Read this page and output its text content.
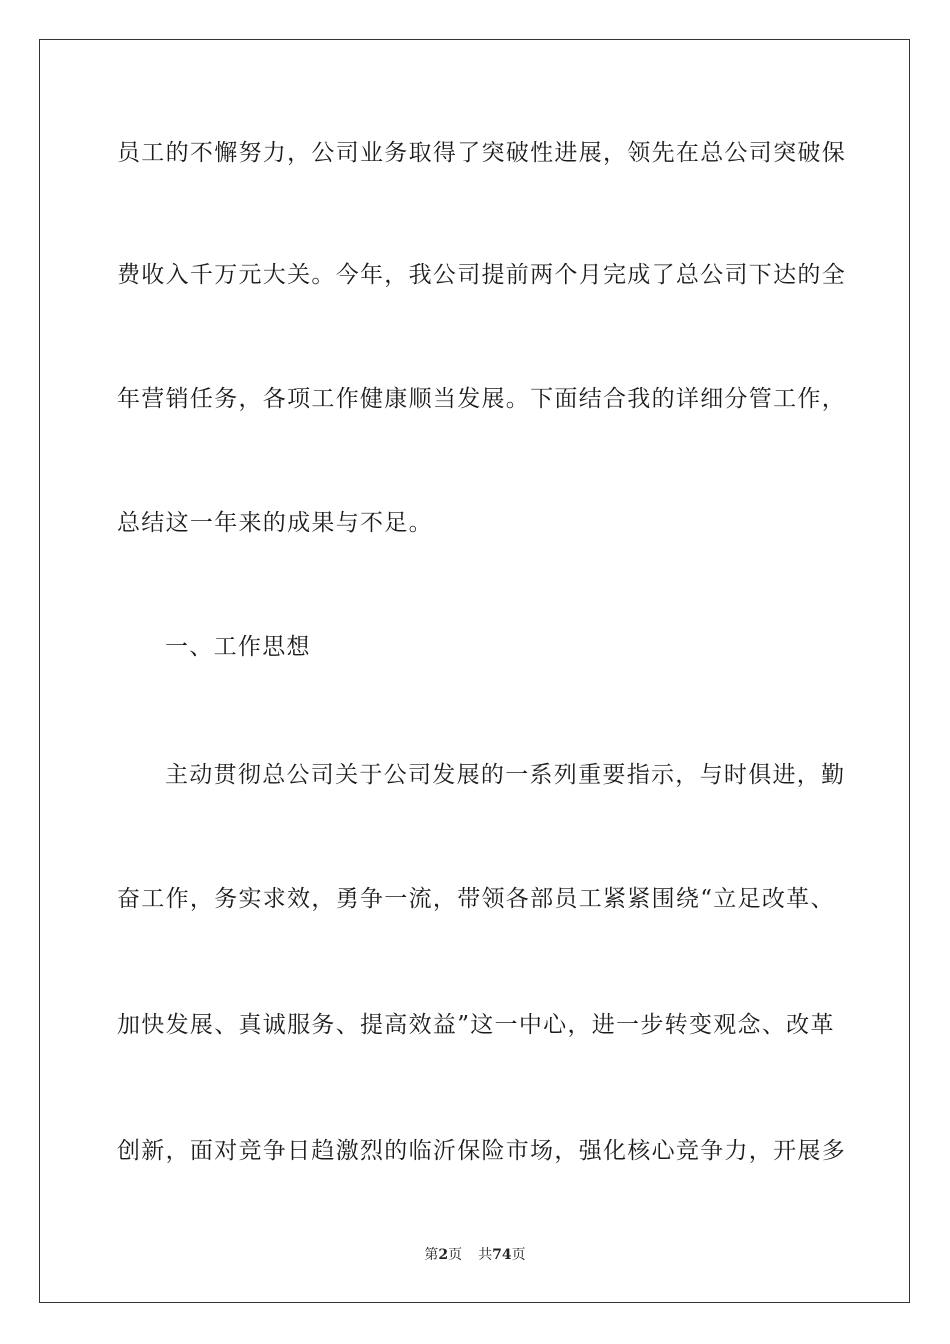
员工的不懈努力，公司业务取得了突破性进展，领先在总公司突破保
费收入千万元大关。今年，我公司提前两个月完成了总公司下达的全
年营销任务，各项工作健康顺当发展。下面结合我的详细分管工作，
总结这一年来的成果与不足。
一、工作思想
主动贯彻总公司关于公司发展的一系列重要指示，与时俱进，勤
奋工作，务实求效，勇争一流，带领各部员工紧紧围绕“立足改革、
加快发展、真诚服务、提高效益”这一中心，进一步转变观念、改革
创新，面对竞争日趋激烈的临沂保险市场，强化核心竞争力，开展多
第2页 共74页
